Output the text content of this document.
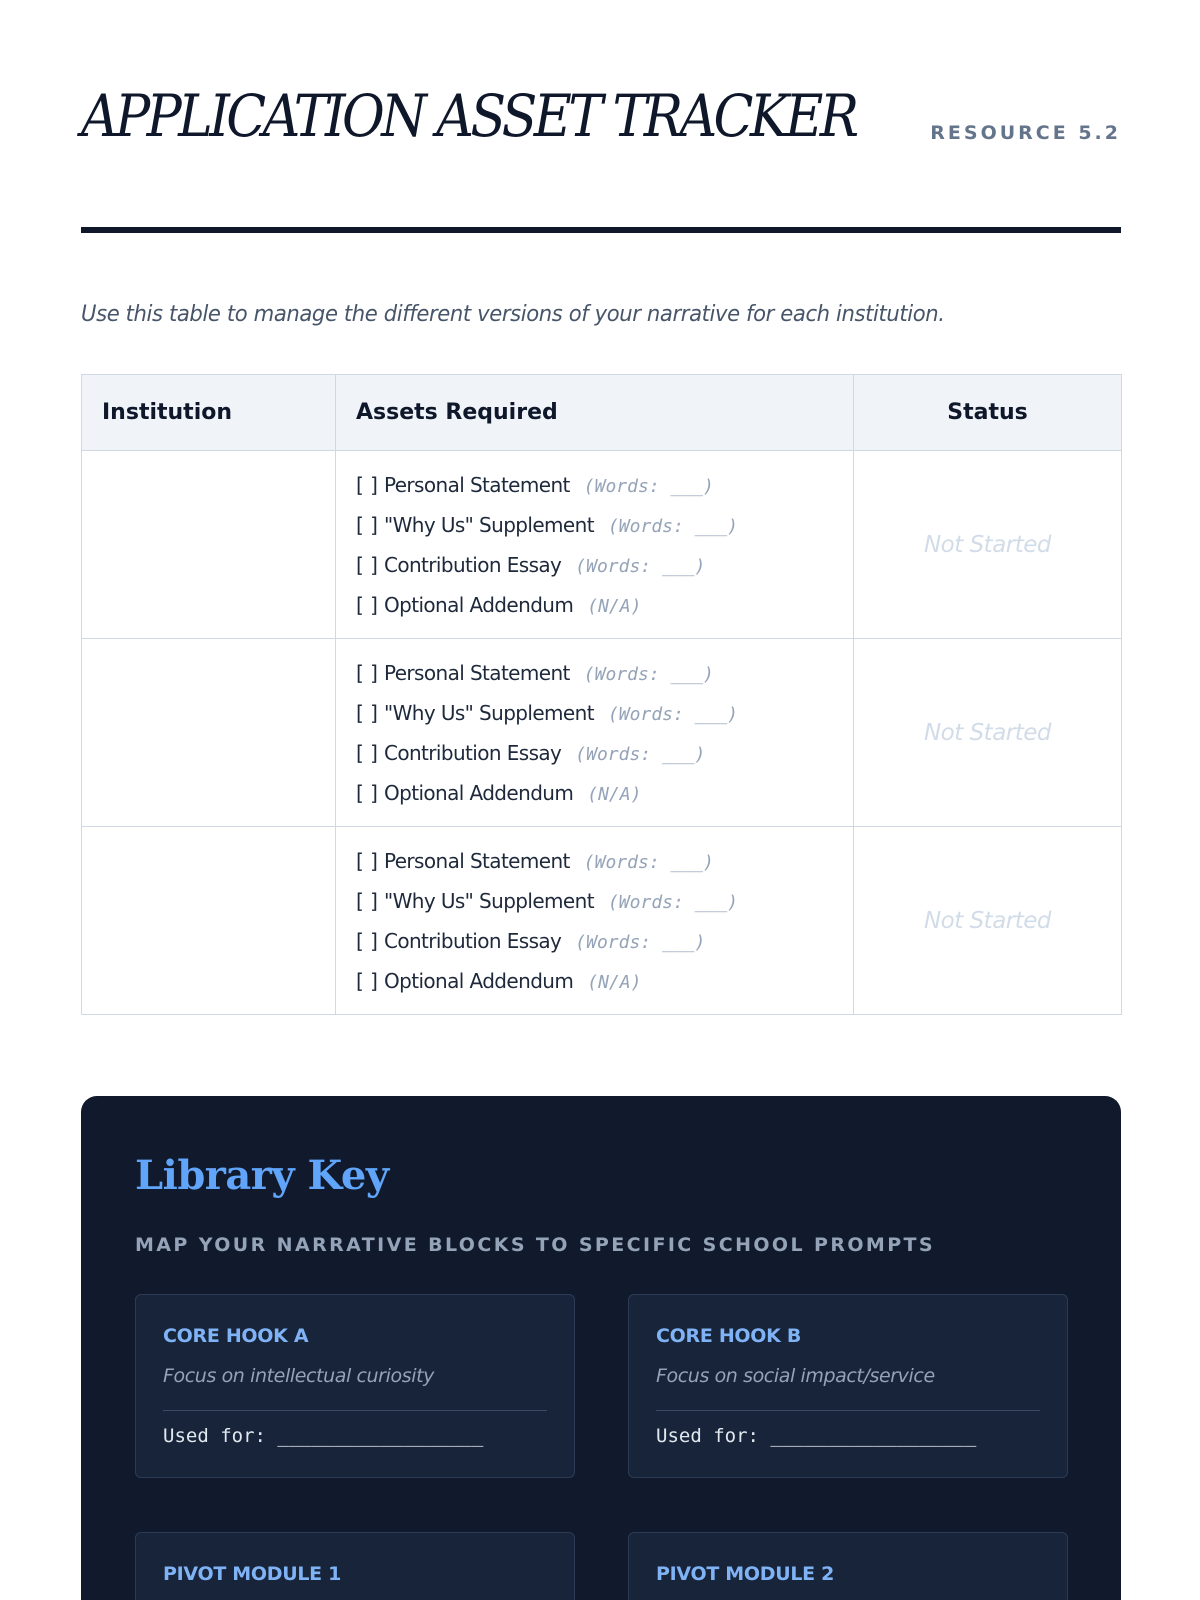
APPLICATION ASSET TRACKER	RESOURCE 5.2

Use this table to manage the different versions of your narrative for each institution.

Institution	Assets Required	Status

	[ ] Personal Statement (Words: ___)
[ ] "Why Us" Supplement (Words: ___)
[ ] Contribution Essay (Words: ___)
[ ] Optional Addendum (N/A)	Not Started

	[ ] Personal Statement (Words: ___)
[ ] "Why Us" Supplement (Words: ___)
[ ] Contribution Essay (Words: ___)
[ ] Optional Addendum (N/A)	Not Started

	[ ] Personal Statement (Words: ___)
[ ] "Why Us" Supplement (Words: ___)
[ ] Contribution Essay (Words: ___)
[ ] Optional Addendum (N/A)	Not Started
Library Key
MAP YOUR NARRATIVE BLOCKS TO SPECIFIC SCHOOL PROMPTS
CORE HOOK A
Focus on intellectual curiosity
Used for: __________________
CORE HOOK B
Focus on social impact/service
Used for: __________________
PIVOT MODULE 1	PIVOT MODULE 2
